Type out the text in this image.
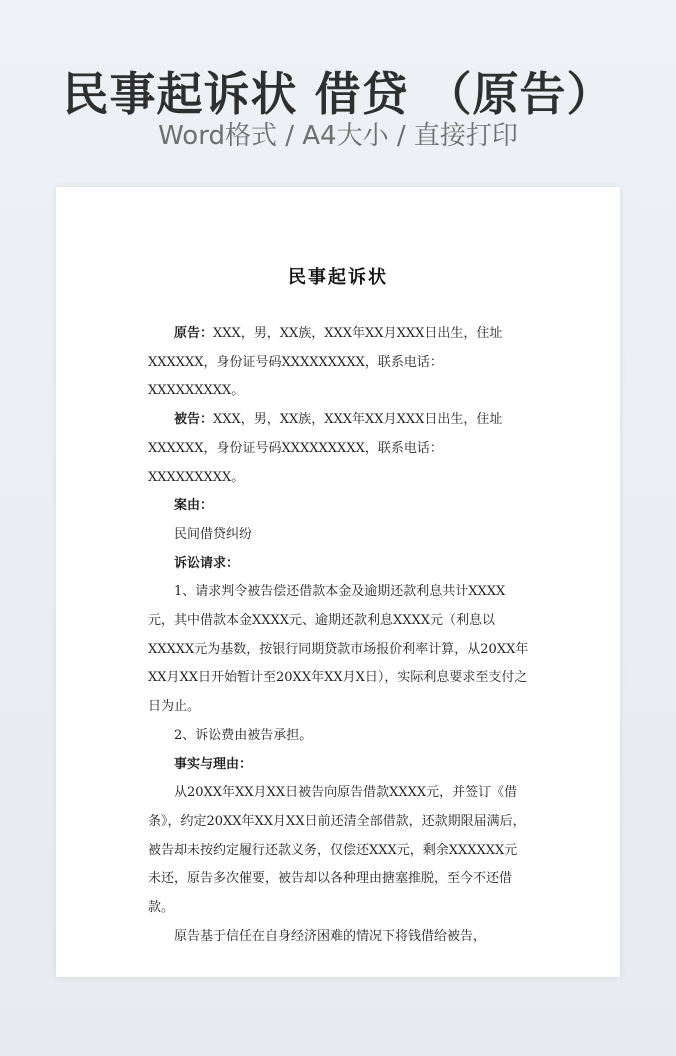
民事起诉状 借贷 （原告）
Word格式 / A4大小 / 直接打印
民事起诉状

原告：XXX，男，XX族，XXX年XX月XXX日出生，住址XXXXXX，身份证号码XXXXXXXXX，联系电话：XXXXXXXXX。

被告：XXX，男，XX族，XXX年XX月XXX日出生，住址XXXXXX，身份证号码XXXXXXXXX，联系电话：XXXXXXXXX。

案由：

民间借贷纠纷

诉讼请求：

1、请求判令被告偿还借款本金及逾期还款利息共计XXXX元，其中借款本金XXXX元、逾期还款利息XXXX元（利息以XXXXX元为基数，按银行同期贷款市场报价利率计算，从20XX年XX月XX日开始暂计至20XX年XX月X日），实际利息要求至支付之日为止。

2、诉讼费由被告承担。

事实与理由：

从20XX年XX月XX日被告向原告借款XXXX元，并签订《借条》，约定20XX年XX月XX日前还清全部借款，还款期限届满后，被告却未按约定履行还款义务，仅偿还XXX元，剩余XXXXXX元未还，原告多次催要，被告却以各种理由搪塞推脱，至今不还借款。

原告基于信任在自身经济困难的情况下将钱借给被告，
